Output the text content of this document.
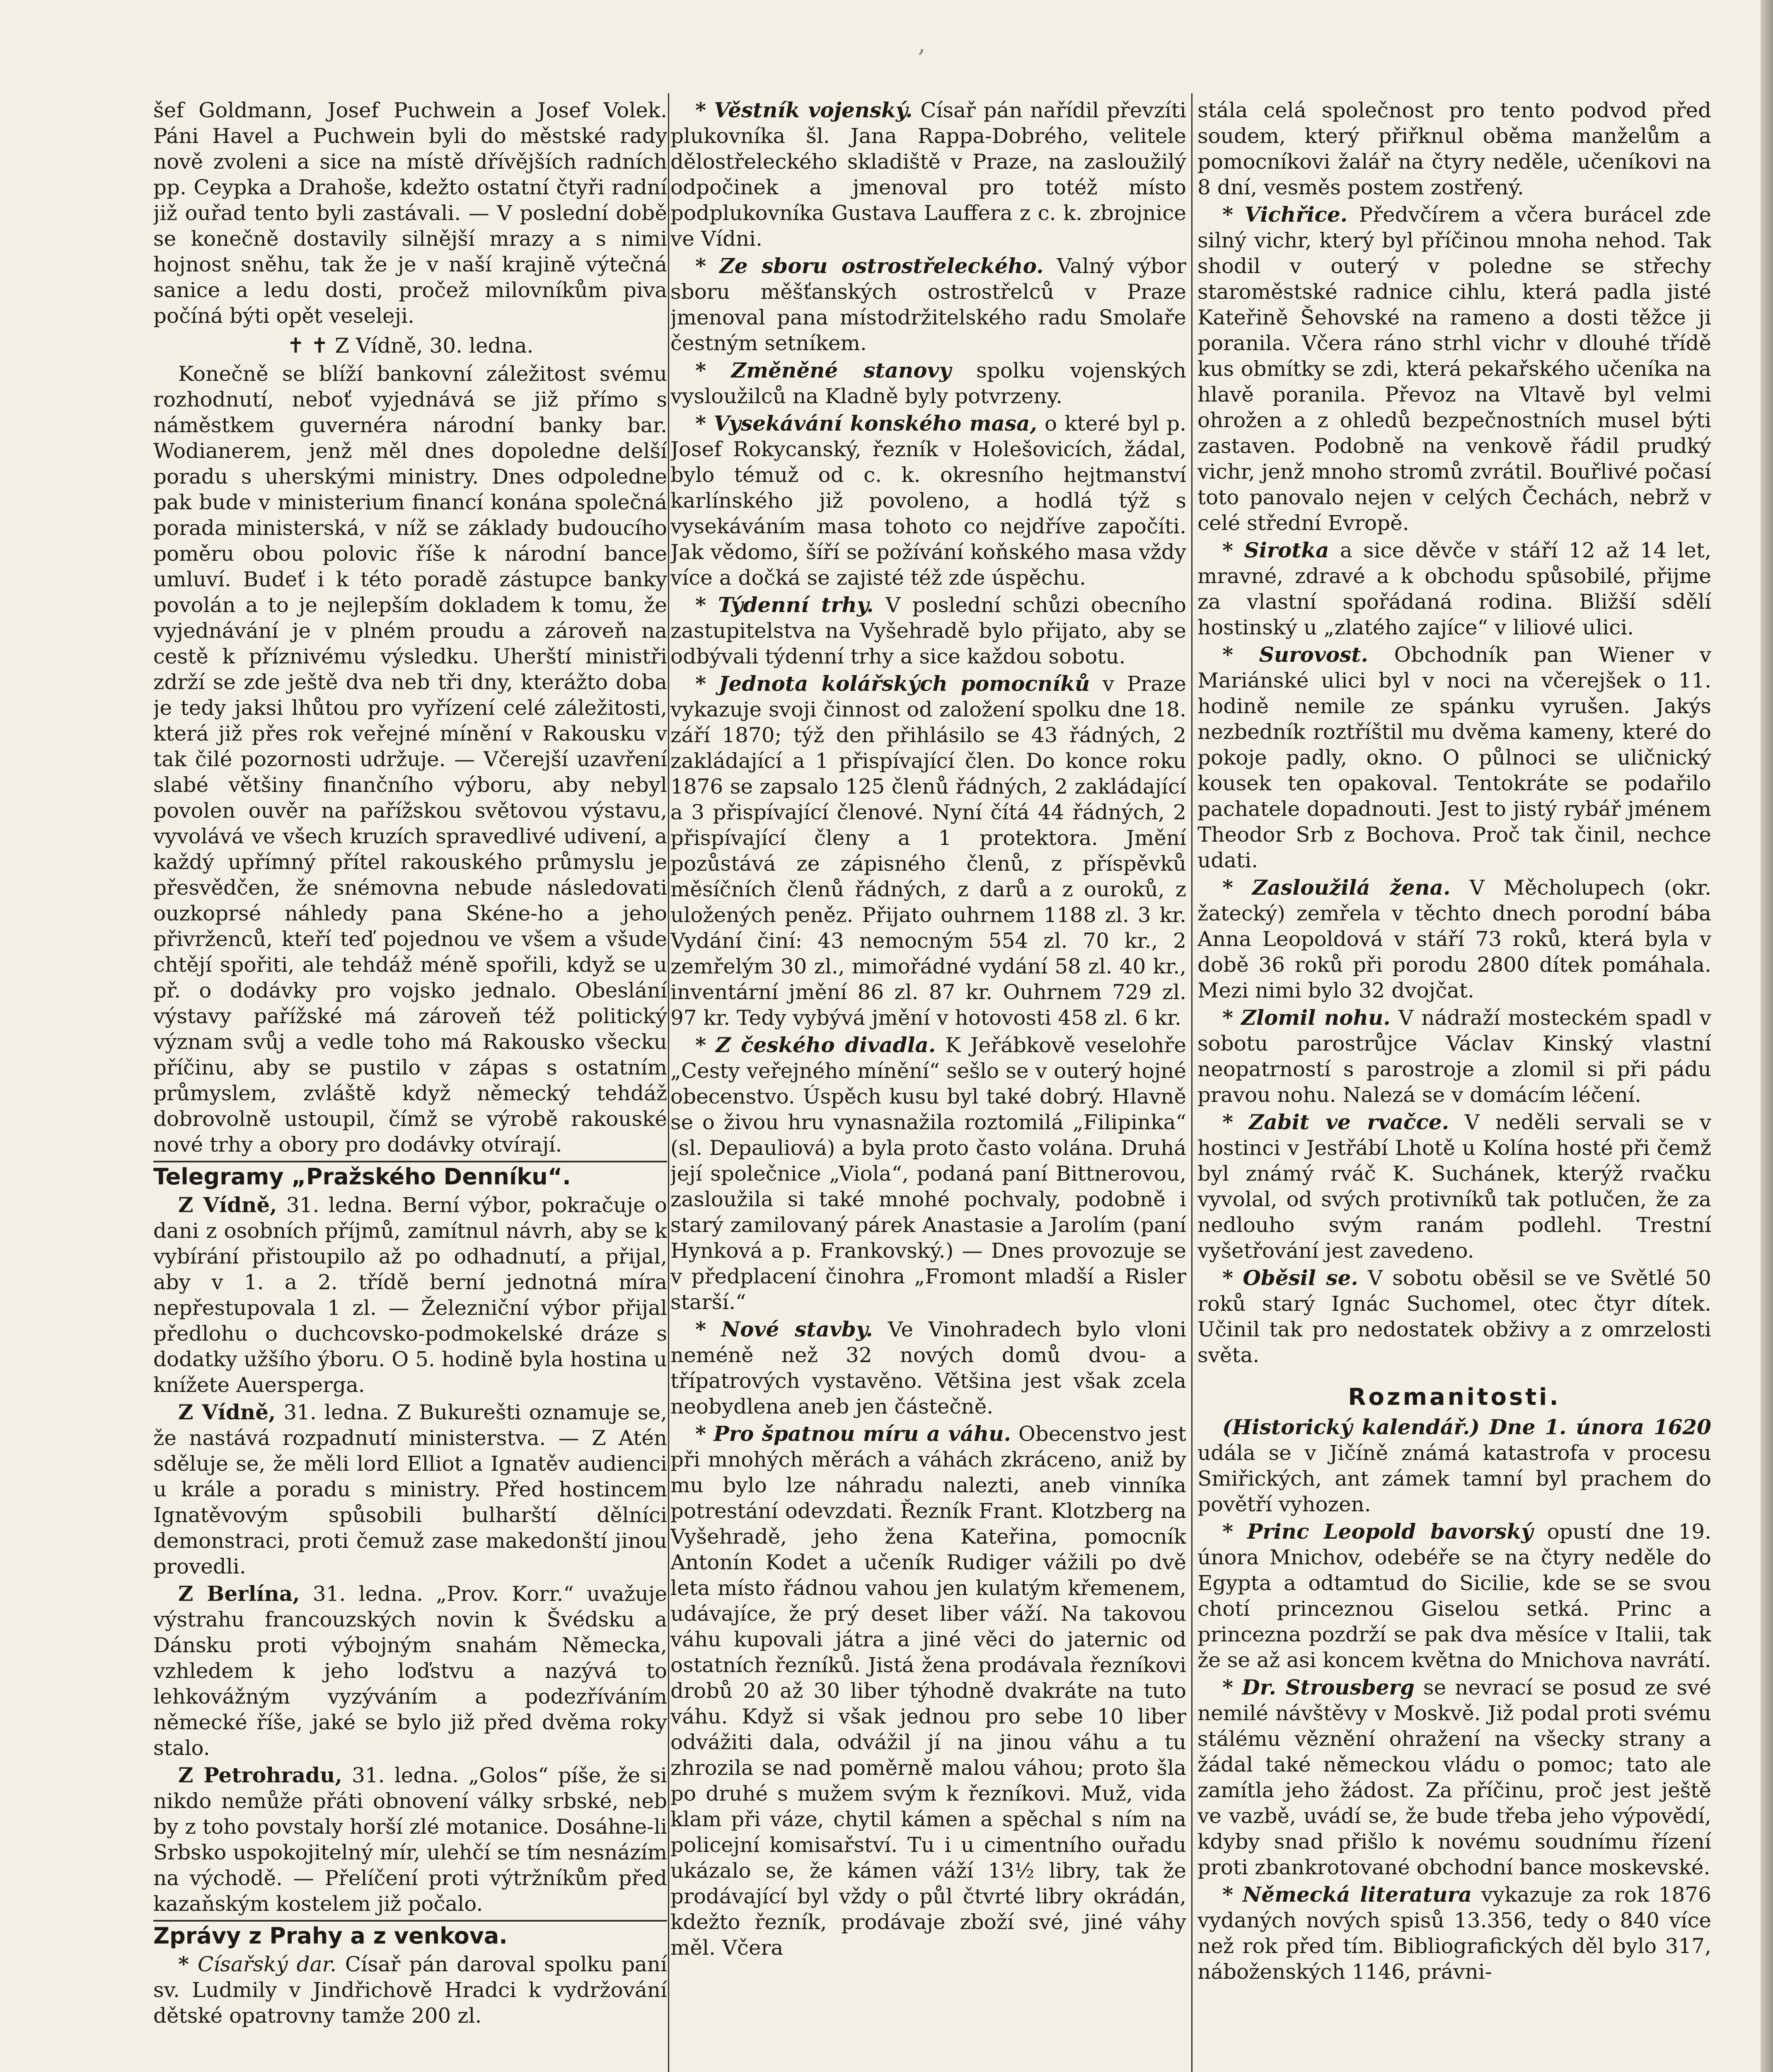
,

šef Goldmann, Josef Puchwein a Josef Volek. Páni Havel a Puchwein byli do městské rady nově zvoleni a sice na místě dřívějších radních pp. Ceypka a Drahoše, kdežto ostatní čtyři radní již ouřad tento byli zastávali. — V poslední době se konečně dostavily silnější mrazy a s nimi hojnost sněhu, tak že je v naší krajině výtečná sanice a ledu dosti, pročež milovníkům piva počíná býti opět veseleji.

✝ ✝ Z Vídně, 30. ledna.

Konečně se blíží bankovní záležitost svému rozhodnutí, neboť vyjednává se již přímo s náměstkem guvernéra národní banky bar. Wodianerem, jenž měl dnes dopoledne delší poradu s uherskými ministry. Dnes odpoledne pak bude v ministerium financí konána společná porada ministerská, v níž se základy budoucího poměru obou polovic říše k národní bance umluví. Budeť i k této poradě zástupce banky povolán a to je nejlepším dokladem k tomu, že vyjednávání je v plném proudu a zároveň na cestě k příznivému výsledku. Uherští ministři zdrží se zde ještě dva neb tři dny, kterážto doba je tedy jaksi lhůtou pro vyřízení celé záležitosti, která již přes rok veřejné mínění v Rakousku v tak čilé pozornosti udržuje. — Včerejší uzavření slabé většiny finančního výboru, aby nebyl povolen ouvěr na pařížskou světovou výstavu, vyvolává ve všech kruzích spravedlivé udivení, a každý upřímný přítel rakouského průmyslu je přesvědčen, že snémovna nebude následovati ouzkoprsé náhledy pana Skéne-ho a jeho přivrženců, kteří teď pojednou ve všem a všude chtějí spořiti, ale tehdáž méně spořili, když se u př. o dodávky pro vojsko jednalo. Obeslání výstavy pařížské má zároveň též politický význam svůj a vedle toho má Rakousko všecku příčinu, aby se pustilo v zápas s ostatním průmyslem, zvláště když německý tehdáž dobrovolně ustoupil, čímž se výrobě rakouské nové trhy a obory pro dodávky otvírají.

Telegramy „Pražského Denníku“.

Z Vídně, 31. ledna. Berní výbor, pokračuje o dani z osobních příjmů, zamítnul návrh, aby se k vybírání přistoupilo až po odhadnutí, a přijal, aby v 1. a 2. třídě berní jednotná míra nepřestupovala 1 zl. — Železniční výbor přijal předlohu o duchcovsko-podmokelské dráze s dodatky užšího ýboru. O 5. hodině byla hostina u knížete Auersperga.

Z Vídně, 31. ledna. Z Bukurešti oznamuje se, že nastává rozpadnutí ministerstva. — Z Atén sděluje se, že měli lord Elliot a Ignatěv audienci u krále a poradu s ministry. Před hostincem Ignatěvovým spůsobili bulharští dělníci demonstraci, proti čemuž zase makedonští jinou provedli.

Z Berlína, 31. ledna. „Prov. Korr.“ uvažuje výstrahu francouzských novin k Švédsku a Dánsku proti výbojným snahám Německa, vzhledem k jeho loďstvu a nazývá to lehkovážným vyzýváním a podezříváním německé říše, jaké se bylo již před dvěma roky stalo.

Z Petrohradu, 31. ledna. „Golos“ píše, že si nikdo nemůže přáti obnovení války srbské, neb by z toho povstaly horší zlé motanice. Dosáhne-li Srbsko uspokojitelný mír, ulehčí se tím nesnázím na východě. — Přelíčení proti výtržníkům před kazaňským kostelem již počalo.

Zprávy z Prahy a z venkova.

* Císařský dar. Císař pán daroval spolku paní sv. Ludmily v Jindřichově Hradci k vydržování dětské opatrovny tamže 200 zl.

* Věstník vojenský. Císař pán nařídil převzíti plukovníka šl. Jana Rappa-Dobrého, velitele dělostřeleckého skladiště v Praze, na zasloužilý odpočinek a jmenoval pro totéž místo podplukovníka Gustava Lauffera z c. k. zbrojnice ve Vídni.

* Ze sboru ostrostřeleckého. Valný výbor sboru měšťanských ostrostřelců v Praze jmenoval pana místodržitelského radu Smolaře čestným setníkem.

* Změněné stanovy spolku vojenských vysloužilců na Kladně byly potvrzeny.

* Vysekávání konského masa, o které byl p. Josef Rokycanský, řezník v Holešovicích, žádal, bylo témuž od c. k. okresního hejtmanství karlínského již povoleno, a hodlá týž s vysekáváním masa tohoto co nejdříve započíti. Jak vědomo, šíří se požívání koňského masa vždy více a dočká se zajisté též zde úspěchu.

* Týdenní trhy. V poslední schůzi obecního zastupitelstva na Vyšehradě bylo přijato, aby se odbývali týdenní trhy a sice každou sobotu.

* Jednota kolářských pomocníků v Praze vykazuje svoji činnost od založení spolku dne 18. září 1870; týž den přihlásilo se 43 řádných, 2 zakládající a 1 přispívající člen. Do konce roku 1876 se zapsalo 125 členů řádných, 2 zakládající a 3 přispívající členové. Nyní čítá 44 řádných, 2 přispívající členy a 1 protektora. Jmění pozůstává ze zápisného členů, z příspěvků měsíčních členů řádných, z darů a z ouroků, z uložených peněz. Přijato ouhrnem 1188 zl. 3 kr. Vydání činí: 43 nemocným 554 zl. 70 kr., 2 zemřelým 30 zl., mimořádné vydání 58 zl. 40 kr., inventární jmění 86 zl. 87 kr. Ouhrnem 729 zl. 97 kr. Tedy vybývá jmění v hotovosti 458 zl. 6 kr.

* Z českého divadla. K Jeřábkově veselohře „Cesty veřejného mínění“ sešlo se v outerý hojné obecenstvo. Úspěch kusu byl také dobrý. Hlavně se o živou hru vynasnažila roztomilá „Filipinka“ (sl. Depauliová) a byla proto často volána. Druhá její společnice „Viola“, podaná paní Bittnerovou, zasloužila si také mnohé pochvaly, podobně i starý zamilovaný párek Anastasie a Jarolím (paní Hynková a p. Frankovský.) — Dnes provozuje se v předplacení činohra „Fromont mladší a Risler starší.“

* Nové stavby. Ve Vinohradech bylo vloni neméně než 32 nových domů dvou- a třípatrových vystavěno. Většina jest však zcela neobydlena aneb jen částečně.

* Pro špatnou míru a váhu. Obecenstvo jest při mnohých měrách a váhách zkráceno, aniž by mu bylo lze náhradu nalezti, aneb vinníka potrestání odevzdati. Řezník Frant. Klotzberg na Vyšehradě, jeho žena Kateřina, pomocník Antonín Kodet a učeník Rudiger vážili po dvě leta místo řádnou vahou jen kulatým křemenem, udávajíce, že prý deset liber váží. Na takovou váhu kupovali játra a jiné věci do jaternic od ostatních řezníků. Jistá žena prodávala řezníkovi drobů 20 až 30 liber týhodně dvakráte na tuto váhu. Když si však jednou pro sebe 10 liber odvážiti dala, odvážil jí na jinou váhu a tu zhrozila se nad poměrně malou váhou; proto šla po druhé s mužem svým k řezníkovi. Muž, vida klam při váze, chytil kámen a spěchal s ním na policejní komisařství. Tu i u cimentního ouřadu ukázalo se, že kámen váží 13½ libry, tak že prodávající byl vždy o půl čtvrté libry okrádán, kdežto řezník, prodávaje zboží své, jiné váhy měl. Včera

stála celá společnost pro tento podvod před soudem, který přiřknul oběma manželům a pomocníkovi žalář na čtyry neděle, učeníkovi na 8 dní, vesměs postem zostřený.

* Vichřice. Předvčírem a včera burácel zde silný vichr, který byl příčinou mnoha nehod. Tak shodil v outerý v poledne se střechy staroměstské radnice cihlu, která padla jisté Kateřině Šehovské na rameno a dosti těžce ji poranila. Včera ráno strhl vichr v dlouhé třídě kus obmítky se zdi, která pekařského učeníka na hlavě poranila. Převoz na Vltavě byl velmi ohrožen a z ohledů bezpečnostních musel býti zastaven. Podobně na venkově řádil prudký vichr, jenž mnoho stromů zvrátil. Bouřlivé počasí toto panovalo nejen v celých Čechách, nebrž v celé střední Evropě.

* Sirotka a sice děvče v stáří 12 až 14 let, mravné, zdravé a k obchodu spůsobilé, přijme za vlastní spořádaná rodina. Bližší sdělí hostinský u „zlatého zajíce“ v liliové ulici.

* Surovost. Obchodník pan Wiener v Mariánské ulici byl v noci na včerejšek o 11. hodině nemile ze spánku vyrušen. Jakýs nezbedník roztříštil mu dvěma kameny, které do pokoje padly, okno. O půlnoci se uličnický kousek ten opakoval. Tentokráte se podařilo pachatele dopadnouti. Jest to jistý rybář jménem Theodor Srb z Bochova. Proč tak činil, nechce udati.

* Zasloužilá žena. V Měcholupech (okr. žatecký) zemřela v těchto dnech porodní bába Anna Leopoldová v stáří 73 roků, která byla v době 36 roků při porodu 2800 dítek pomáhala. Mezi nimi bylo 32 dvojčat.

* Zlomil nohu. V nádraží mosteckém spadl v sobotu parostrůjce Václav Kinský vlastní neopatrností s parostroje a zlomil si při pádu pravou nohu. Nalezá se v domácím léčení.

* Zabit ve rvačce. V neděli servali se v hostinci v Jestřábí Lhotě u Kolína hosté při čemž byl známý rváč K. Suchánek, kterýž rvačku vyvolal, od svých protivníků tak potlučen, že za nedlouho svým ranám podlehl. Trestní vyšetřování jest zavedeno.

* Oběsil se. V sobotu oběsil se ve Světlé 50 roků starý Ignác Suchomel, otec čtyr dítek. Učinil tak pro nedostatek obživy a z omrzelosti světa.

Rozmanitosti.

(Historický kalendář.) Dne 1. února 1620 udála se v Jičíně známá katastrofa v procesu Smiřických, ant zámek tamní byl prachem do povětří vyhozen.

* Princ Leopold bavorský opustí dne 19. února Mnichov, odebéře se na čtyry neděle do Egypta a odtamtud do Sicilie, kde se se svou chotí princeznou Giselou setká. Princ a princezna pozdrží se pak dva měsíce v Italii, tak že se až asi koncem května do Mnichova navrátí.

* Dr. Strousberg se nevrací se posud ze své nemilé návštěvy v Moskvě. Již podal proti svému stálému věznění ohražení na všecky strany a žádal také německou vládu o pomoc; tato ale zamítla jeho žádost. Za příčinu, proč jest ještě ve vazbě, uvádí se, že bude třeba jeho výpovědí, kdyby snad přišlo k novému soudnímu řízení proti zbankrotované obchodní bance moskevské.

* Německá literatura vykazuje za rok 1876 vydaných nových spisů 13.356, tedy o 840 více než rok před tím. Bibliografických děl bylo 317, náboženských 1146, právni-
